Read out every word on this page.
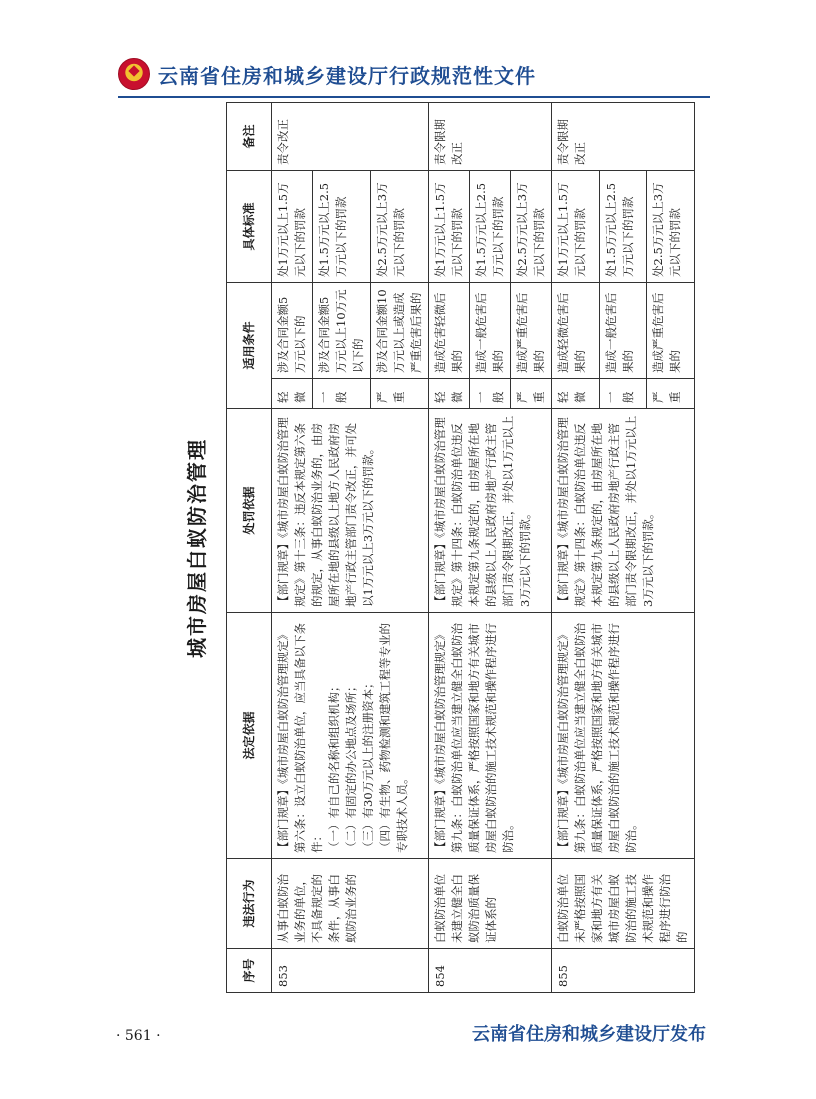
云南省住房和城乡建设厅行政规范性文件
城市房屋白蚁防治管理
序号	违法行为	法定依据	处罚依据	适用条件		具体标准	备注
853	从事白蚁防治业务的单位，不具备规定的条件，从事白蚁防治业务的	【部门规章】《城市房屋白蚁防治管理规定》第六条：设立白蚁防治单位，应当具备以下条件： （一）有自己的名称和组织机构； （二）有固定的办公地点及场所； （三）有30万元以上的注册资本； （四）有生物、药物检测和建筑工程等专业的专职技术人员。	【部门规章】《城市房屋白蚁防治管理规定》第十三条：违反本规定第六条的规定，从事白蚁防治业务的，由房屋所在地的县级以上地方人民政府房地产行政主管部门责令改正，并可处以1万元以上3万元以下的罚款。	轻微	涉及合同金额5万元以下的	处1万元以上1.5万元以下的罚款	责令改正
				一般	涉及合同金额5万元以上10万元以下的	处1.5万元以上2.5万元以下的罚款	
				严重	涉及合同金额10万元以上或造成严重危害后果的	处2.5万元以上3万元以下的罚款	
854	白蚁防治单位未建立健全白蚁防治质量保证体系的	【部门规章】《城市房屋白蚁防治管理规定》第九条：白蚁防治单位应当建立健全白蚁防治质量保证体系，严格按照国家和地方有关城市房屋白蚁防治的施工技术规范和操作程序进行防治。	【部门规章】《城市房屋白蚁防治管理规定》第十四条：白蚁防治单位违反本规定第九条规定的，由房屋所在地的县级以上人民政府房地产行政主管部门责令限期改正，并处以1万元以上3万元以下的罚款。	轻微	造成危害轻微后果的	处1万元以上1.5万元以下的罚款	责令限期改正
				一般	造成一般危害后果的	处1.5万元以上2.5万元以下的罚款	
				严重	造成严重危害后果的	处2.5万元以上3万元以下的罚款	
855	白蚁防治单位未严格按照国家和地方有关城市房屋白蚁防治的施工技术规范和操作程序进行防治的	【部门规章】《城市房屋白蚁防治管理规定》第九条：白蚁防治单位应当建立健全白蚁防治质量保证体系，严格按照国家和地方有关城市房屋白蚁防治的施工技术规范和操作程序进行防治。	【部门规章】《城市房屋白蚁防治管理规定》第十四条：白蚁防治单位违反本规定第九条规定的，由房屋所在地的县级以上人民政府房地产行政主管部门责令限期改正，并处以1万元以上3万元以下的罚款。	轻微	造成轻微危害后果的	处1万元以上1.5万元以下的罚款	责令限期改正
				一般	造成一般危害后果的	处1.5万元以上2.5万元以下的罚款	
				严重	造成严重危害后果的	处2.5万元以上3万元以下的罚款	
· 561 ·	云南省住房和城乡建设厅发布
